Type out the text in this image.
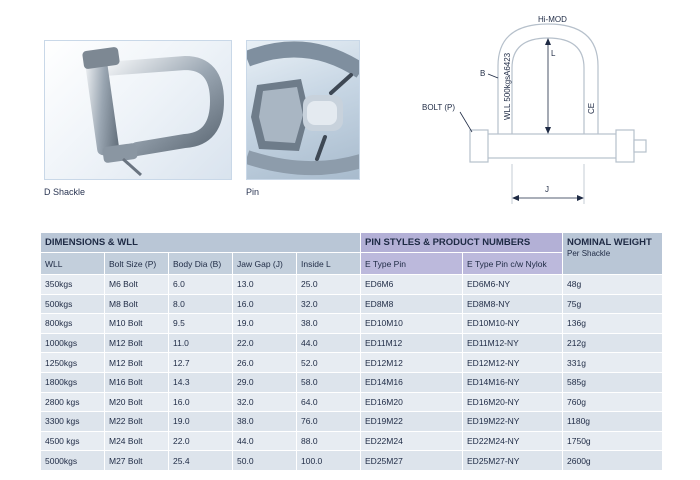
D Shackle	Pin
Hi-MOD
L
B
WLL 500kgs
A6423
CE
BOLT (P)
J
DIMENSIONS & WLL					PIN STYLES & PRODUCT NUMBERS		NOMINAL WEIGHT
Per Shackle

WLL	Bolt Size (P)	Body Dia (B)	Jaw Gap (J)	Inside L	E Type Pin	E Type Pin c/w Nylok	
350kgs	M6 Bolt	6.0	13.0	25.0	ED6M6	ED6M6-NY	48g
500kgs	M8 Bolt	8.0	16.0	32.0	ED8M8	ED8M8-NY	75g
800kgs	M10 Bolt	9.5	19.0	38.0	ED10M10	ED10M10-NY	136g
1000kgs	M12 Bolt	11.0	22.0	44.0	ED11M12	ED11M12-NY	212g
1250kgs	M12 Bolt	12.7	26.0	52.0	ED12M12	ED12M12-NY	331g
1800kgs	M16 Bolt	14.3	29.0	58.0	ED14M16	ED14M16-NY	585g
2800 kgs	M20 Bolt	16.0	32.0	64.0	ED16M20	ED16M20-NY	760g
3300 kgs	M22 Bolt	19.0	38.0	76.0	ED19M22	ED19M22-NY	1180g
4500 kgs	M24 Bolt	22.0	44.0	88.0	ED22M24	ED22M24-NY	1750g
5000kgs	M27 Bolt	25.4	50.0	100.0	ED25M27	ED25M27-NY	2600g
